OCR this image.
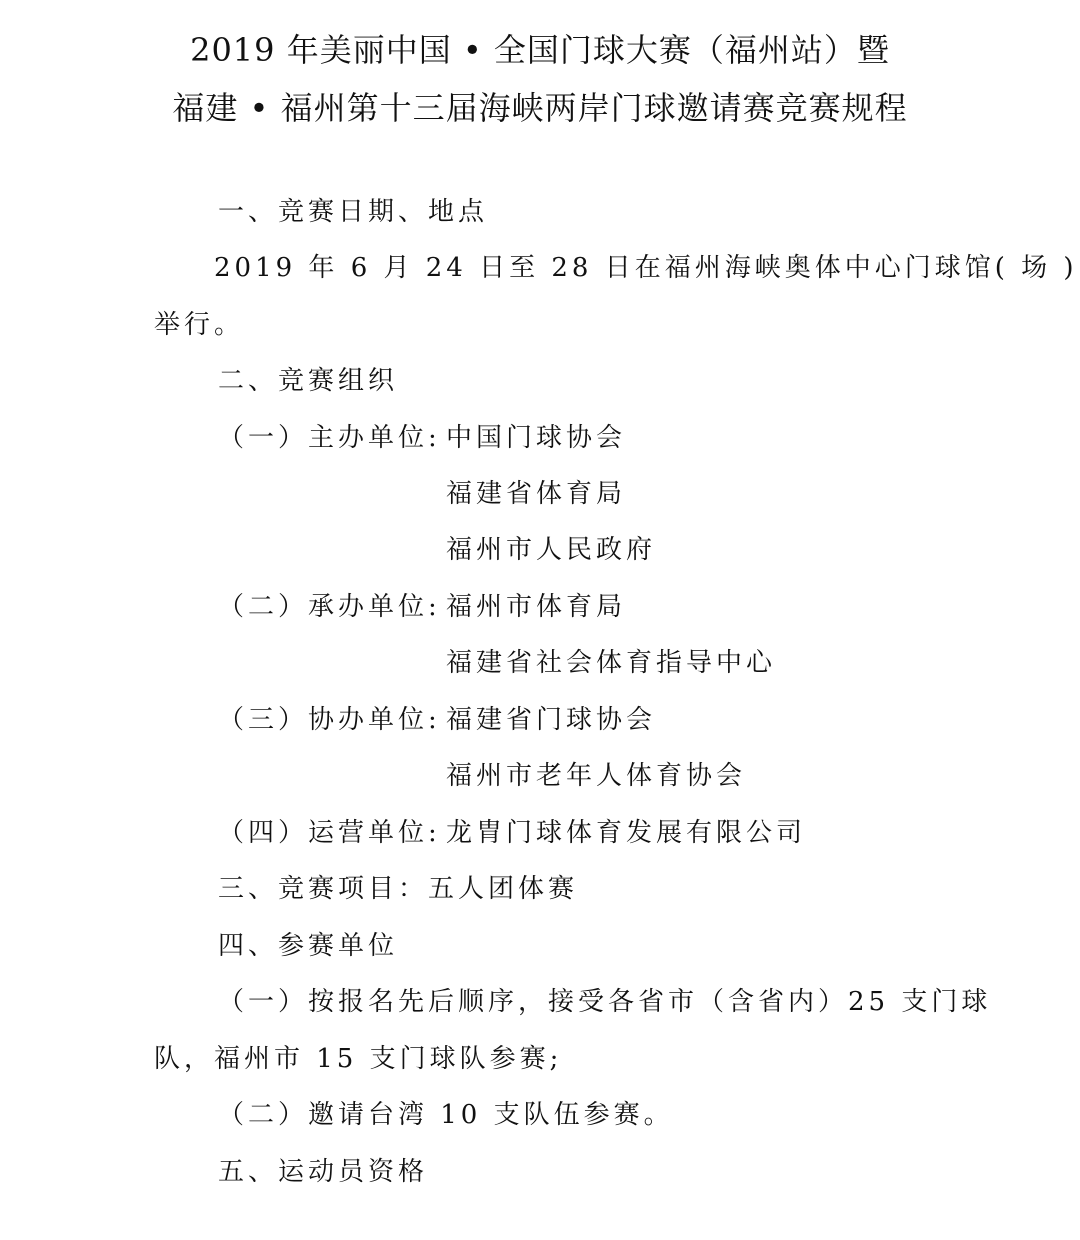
2019 年美丽中国 • 全国门球大赛（福州站）暨
福建 • 福州第十三届海峡两岸门球邀请赛竞赛规程
一、竞赛日期、地点
2019 年 6 月 24 日至 28 日在福州海峡奥体中心门球馆( 场 )
举行。
二、竞赛组织
（一）主办单位: 中国门球协会
福建省体育局
福州市人民政府
（二）承办单位: 福州市体育局
福建省社会体育指导中心
（三）协办单位: 福建省门球协会
福州市老年人体育协会
（四）运营单位: 龙胄门球体育发展有限公司
三、竞赛项目：五人团体赛
四、参赛单位
（一）按报名先后顺序，接受各省市（含省内）25 支门球
队，福州市 15 支门球队参赛;
（二）邀请台湾 10 支队伍参赛。
五、运动员资格
